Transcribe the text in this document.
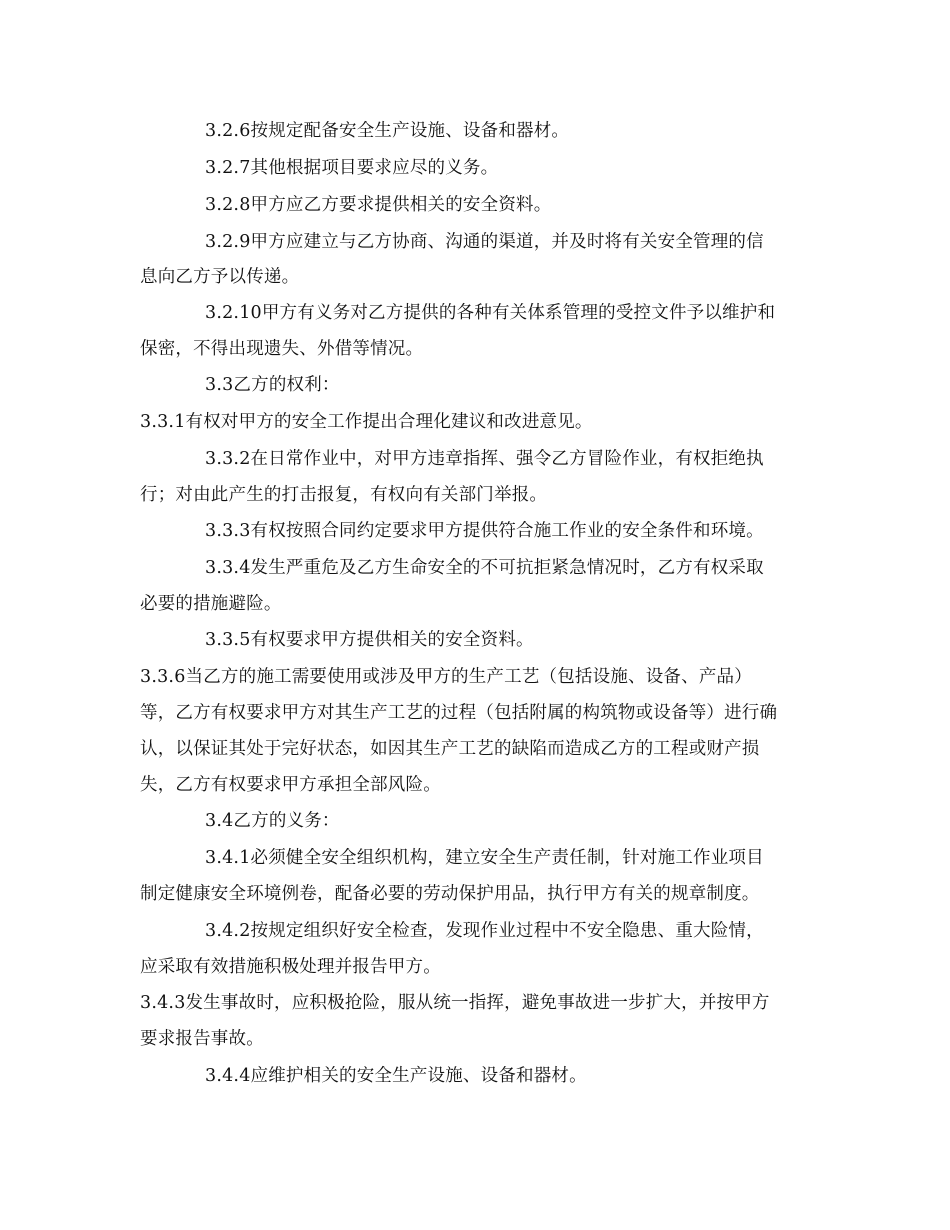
3.2.6按规定配备安全生产设施、设备和器材。
3.2.7其他根据项目要求应尽的义务。
3.2.8甲方应乙方要求提供相关的安全资料。
3.2.9甲方应建立与乙方协商、沟通的渠道，并及时将有关安全管理的信
息向乙方予以传递。
3.2.10甲方有义务对乙方提供的各种有关体系管理的受控文件予以维护和
保密，不得出现遗失、外借等情况。
3.3乙方的权利：
3.3.1有权对甲方的安全工作提出合理化建议和改进意见。
3.3.2在日常作业中，对甲方违章指挥、强令乙方冒险作业，有权拒绝执
行；对由此产生的打击报复，有权向有关部门举报。
3.3.3有权按照合同约定要求甲方提供符合施工作业的安全条件和环境。
3.3.4发生严重危及乙方生命安全的不可抗拒紧急情况时，乙方有权采取
必要的措施避险。
3.3.5有权要求甲方提供相关的安全资料。
3.3.6当乙方的施工需要使用或涉及甲方的生产工艺（包括设施、设备、产品）
等，乙方有权要求甲方对其生产工艺的过程（包括附属的构筑物或设备等）进行确
认，以保证其处于完好状态，如因其生产工艺的缺陷而造成乙方的工程或财产损
失，乙方有权要求甲方承担全部风险。
3.4乙方的义务：
3.4.1必须健全安全组织机构，建立安全生产责任制，针对施工作业项目
制定健康安全环境例卷，配备必要的劳动保护用品，执行甲方有关的规章制度。
3.4.2按规定组织好安全检查，发现作业过程中不安全隐患、重大险情，
应采取有效措施积极处理并报告甲方。
3.4.3发生事故时，应积极抢险，服从统一指挥，避免事故进一步扩大，并按甲方
要求报告事故。
3.4.4应维护相关的安全生产设施、设备和器材。
